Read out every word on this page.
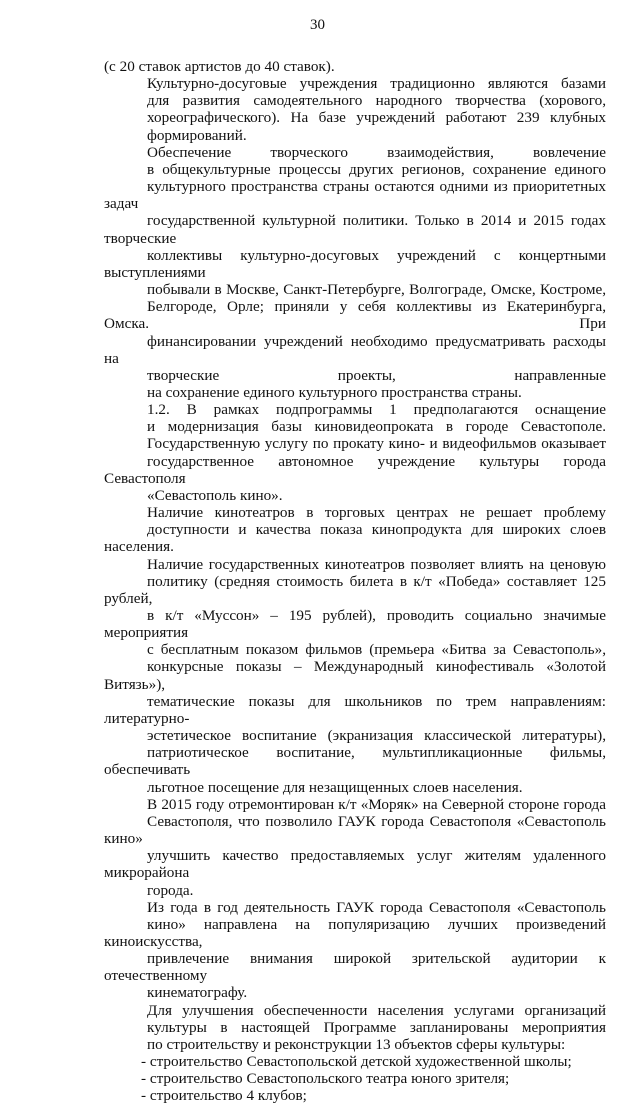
30

(с 20 ставок артистов до 40 ставок).

Культурно-досуговые учреждения традиционно являются базами
для развития самодеятельного народного творчества (хорового,
хореографического). На базе учреждений работают 239 клубных
формирований.

Обеспечение творческого взаимодействия, вовлечение
в общекультурные процессы других регионов, сохранение единого
культурного пространства страны остаются одними из приоритетных задач
государственной культурной политики. Только в 2014 и 2015 годах творческие
коллективы культурно-досуговых учреждений с концертными выступлениями
побывали в Москве, Санкт-Петербурге, Волгограде, Омске, Костроме,
Белгороде, Орле; приняли у себя коллективы из Екатеринбурга, Омска. При
финансировании учреждений необходимо предусматривать расходы на
творческие проекты, направленные
на сохранение единого культурного пространства страны.

1.2. В рамках подпрограммы 1 предполагаются оснащение
и модернизация базы киновидеопроката в городе Севастополе.
Государственную услугу по прокату кино- и видеофильмов оказывает
государственное автономное учреждение культуры города Севастополя
«Севастополь кино».

Наличие кинотеатров в торговых центрах не решает проблему
доступности и качества показа кинопродукта для широких слоев населения.
Наличие государственных кинотеатров позволяет влиять на ценовую
политику (средняя стоимость билета в к/т «Победа» составляет 125 рублей,
в к/т «Муссон» – 195 рублей), проводить социально значимые мероприятия
с бесплатным показом фильмов (премьера «Битва за Севастополь»,
конкурсные показы – Международный кинофестиваль «Золотой Витязь»),
тематические показы для школьников по трем направлениям: литературно-
эстетическое воспитание (экранизация классической литературы),
патриотическое воспитание, мультипликационные фильмы, обеспечивать
льготное посещение для незащищенных слоев населения.

В 2015 году отремонтирован к/т «Моряк» на Северной стороне города
Севастополя, что позволило ГАУК города Севастополя «Севастополь кино»
улучшить качество предоставляемых услуг жителям удаленного микрорайона
города.

Из года в год деятельность ГАУК города Севастополя «Севастополь
кино» направлена на популяризацию лучших произведений киноискусства,
привлечение внимания широкой зрительской аудитории к отечественному
кинематографу.

Для улучшения обеспеченности населения услугами организаций
культуры в настоящей Программе запланированы мероприятия
по строительству и реконструкции 13 объектов сферы культуры:

- строительство Севастопольской детской художественной школы;

- строительство Севастопольского театра юного зрителя;

- строительство 4 клубов;
